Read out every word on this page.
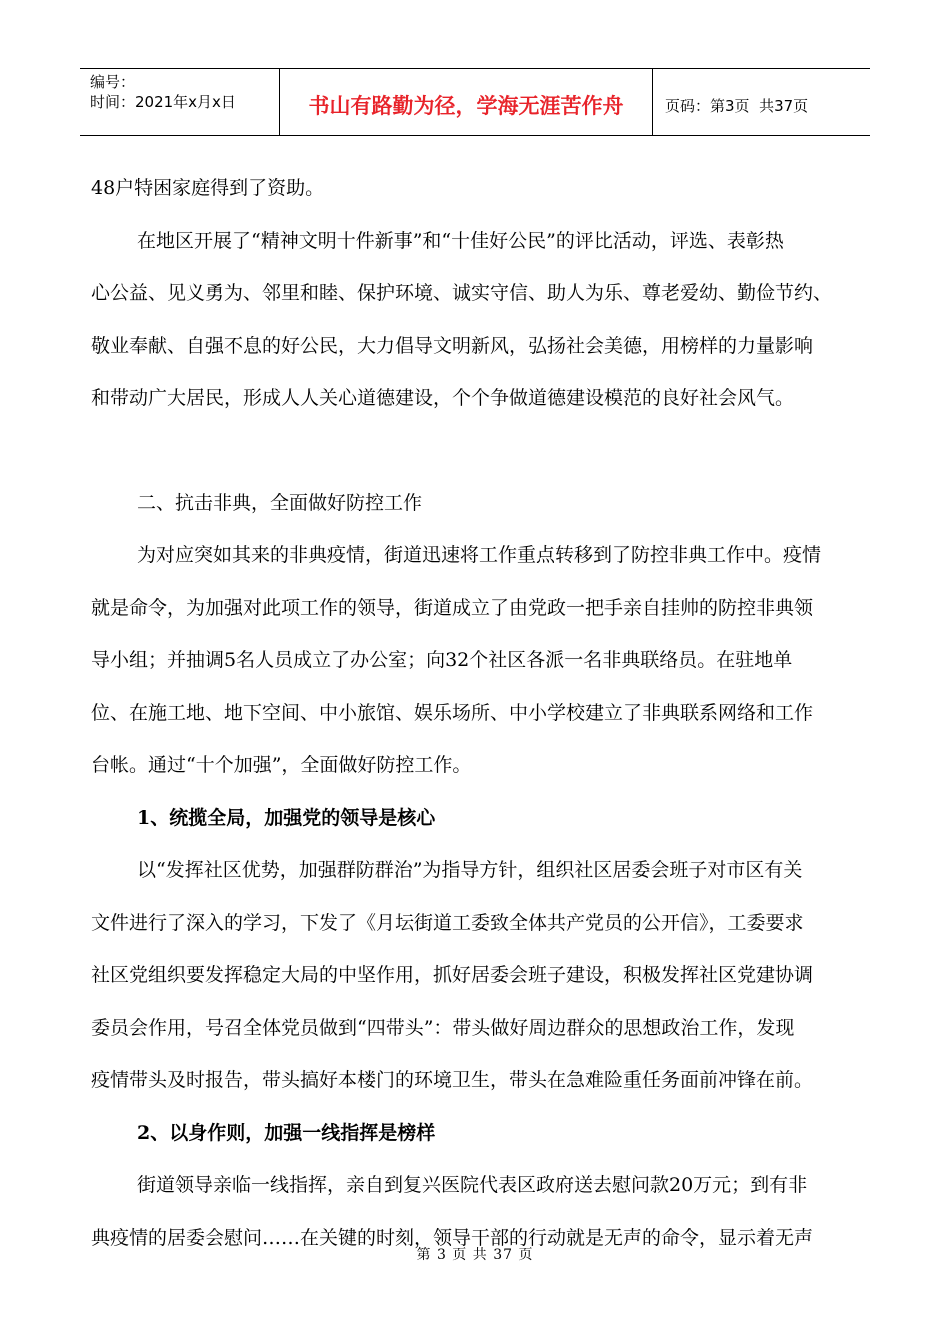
编号：
时间：2021年x月x日	书山有路勤为径，学海无涯苦作舟	页码：第3页  共37页
48户特困家庭得到了资助。
在地区开展了“精神文明十件新事”和“十佳好公民”的评比活动，评选、表彰热
心公益、见义勇为、邻里和睦、保护环境、诚实守信、助人为乐、尊老爱幼、勤俭节约、
敬业奉献、自强不息的好公民，大力倡导文明新风，弘扬社会美德，用榜样的力量影响
和带动广大居民，形成人人关心道德建设，个个争做道德建设模范的良好社会风气。
二、抗击非典，全面做好防控工作
为对应突如其来的非典疫情，街道迅速将工作重点转移到了防控非典工作中。疫情
就是命令，为加强对此项工作的领导，街道成立了由党政一把手亲自挂帅的防控非典领
导小组；并抽调5名人员成立了办公室；向32个社区各派一名非典联络员。在驻地单
位、在施工地、地下空间、中小旅馆、娱乐场所、中小学校建立了非典联系网络和工作
台帐。通过“十个加强”，全面做好防控工作。
1、统揽全局，加强党的领导是核心
以“发挥社区优势，加强群防群治”为指导方针，组织社区居委会班子对市区有关
文件进行了深入的学习，下发了《月坛街道工委致全体共产党员的公开信》，工委要求
社区党组织要发挥稳定大局的中坚作用，抓好居委会班子建设，积极发挥社区党建协调
委员会作用，号召全体党员做到“四带头”：带头做好周边群众的思想政治工作，发现
疫情带头及时报告，带头搞好本楼门的环境卫生，带头在急难险重任务面前冲锋在前。
2、以身作则，加强一线指挥是榜样
街道领导亲临一线指挥，亲自到复兴医院代表区政府送去慰问款20万元；到有非
典疫情的居委会慰问……在关键的时刻，领导干部的行动就是无声的命令，显示着无声
第 3 页 共 37 页
